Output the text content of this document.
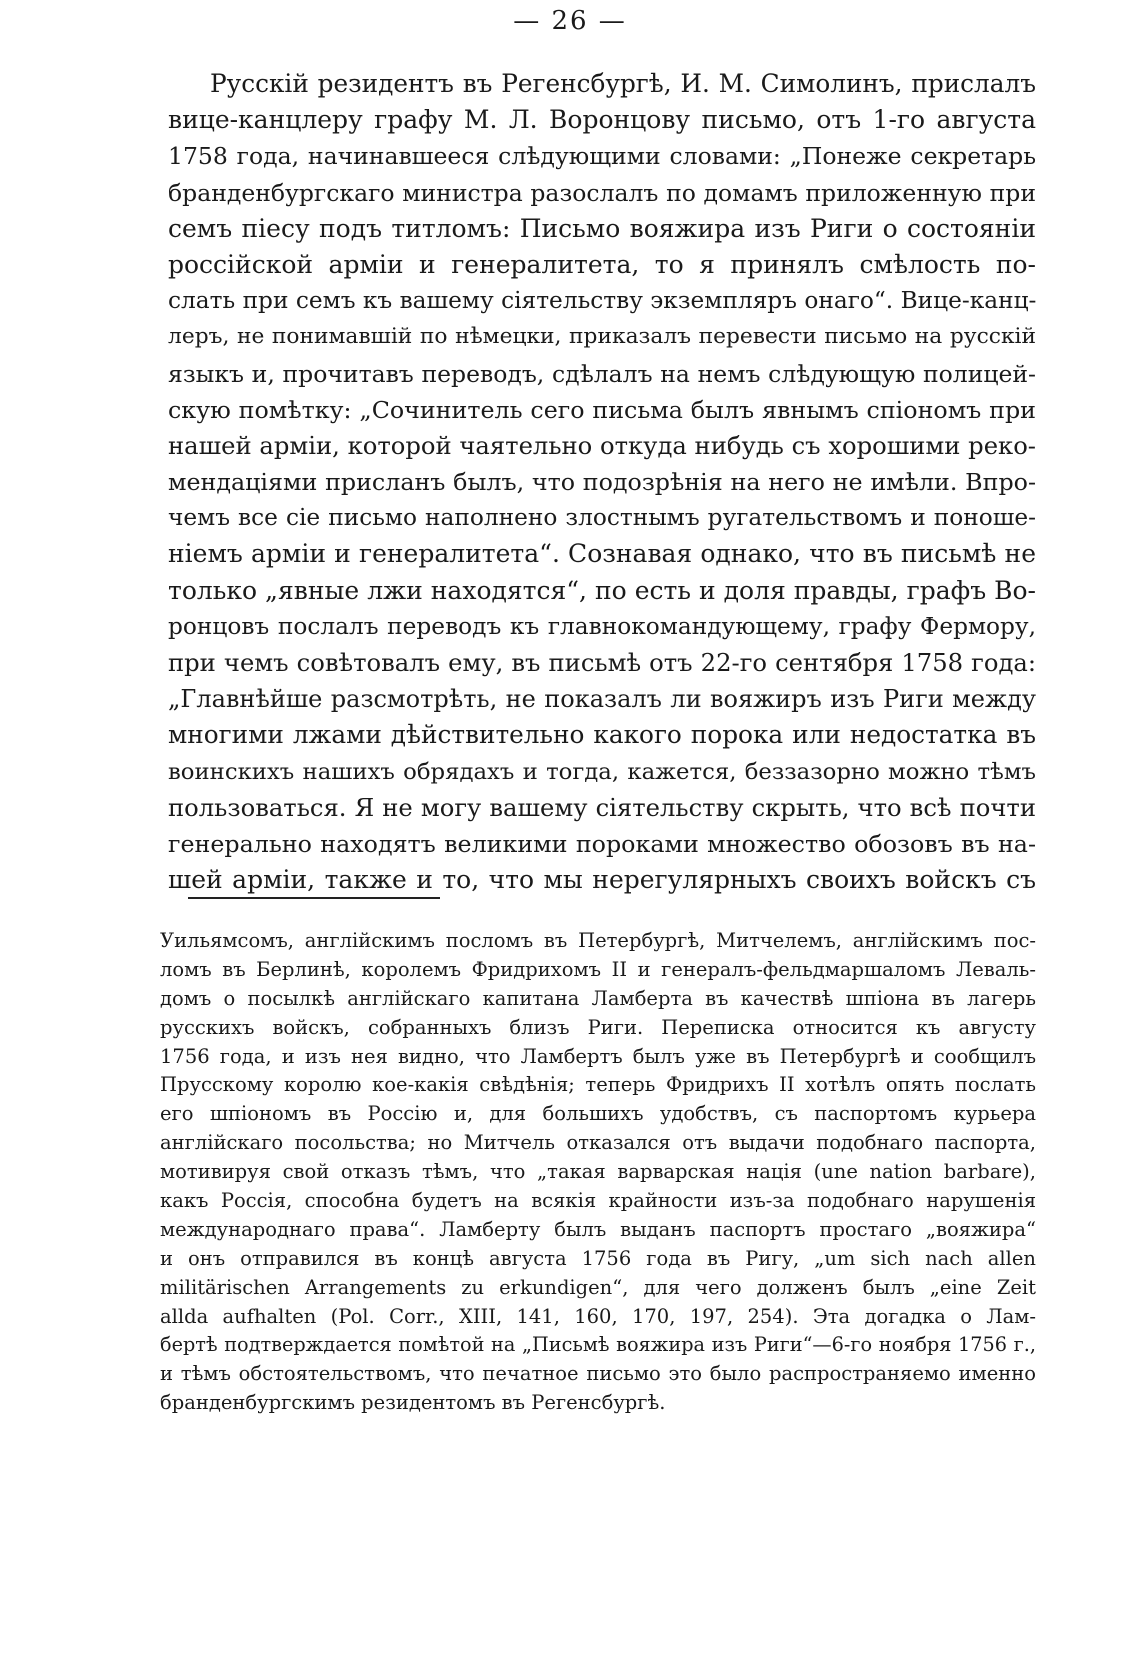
— 26 —
Русскій резидентъ въ Регенсбургѣ, И. М. Симолинъ, прислалъ
вице-канцлеру графу М. Л. Воронцову письмо, отъ 1-го августа
1758 года, начинавшееся слѣдующими словами: „Понеже секретарь
бранденбургскаго министра разослалъ по домамъ приложенную при
семъ піесу подъ титломъ: Письмо вояжира изъ Риги о состояніи
россійской арміи и генералитета, то я принялъ смѣлость по-
слать при семъ къ вашему сіятельству экземпляръ онаго“. Вице-канц-
леръ, не понимавшій по нѣмецки, приказалъ перевести письмо на русскій
языкъ и, прочитавъ переводъ, сдѣлалъ на немъ слѣдующую полицей-
скую помѣтку: „Сочинитель сего письма былъ явнымъ спіономъ при
нашей арміи, которой чаятельно откуда нибудь съ хорошими реко-
мендаціями присланъ былъ, что подозрѣнія на него не имѣли. Впро-
чемъ все сіе письмо наполнено злостнымъ ругательствомъ и поноше-
ніемъ арміи и генералитета“. Сознавая однако, что въ письмѣ не
только „явные лжи находятся“, по есть и доля правды, графъ Во-
ронцовъ послалъ переводъ къ главнокомандующему, графу Фермору,
при чемъ совѣтовалъ ему, въ письмѣ отъ 22-го сентября 1758 года:
„Главнѣйше разсмотрѣть, не показалъ ли вояжиръ изъ Риги между
многими лжами дѣйствительно какого порока или недостатка въ
воинскихъ нашихъ обрядахъ и тогда, кажется, беззазорно можно тѣмъ
пользоваться. Я не могу вашему сіятельству скрыть, что всѣ почти
генерально находятъ великими пороками множество обозовъ въ на-
шей арміи, также и то, что мы нерегулярныхъ своихъ войскъ съ
Уильямсомъ, англійскимъ посломъ въ Петербургѣ, Митчелемъ, англійскимъ пос-
ломъ въ Берлинѣ, королемъ Фридрихомъ II и генералъ-фельдмаршаломъ Леваль-
домъ о посылкѣ англійскаго капитана Ламберта въ качествѣ шпіона въ лагерь
русскихъ войскъ, собранныхъ близъ Риги. Переписка относится къ августу
1756 года, и изъ нея видно, что Ламбертъ былъ уже въ Петербургѣ и сообщилъ
Прусскому королю кое-какія свѣдѣнія; теперь Фридрихъ II хотѣлъ опять послать
его шпіономъ въ Россію и, для большихъ удобствъ, съ паспортомъ курьера
англійскаго посольства; но Митчель отказался отъ выдачи подобнаго паспорта,
мотивируя свой отказъ тѣмъ, что „такая варварская нація (une nation barbare),
какъ Россія, способна будетъ на всякія крайности изъ-за подобнаго нарушенія
международнаго права“. Ламберту былъ выданъ паспортъ простаго „вояжира“
и онъ отправился въ концѣ августа 1756 года въ Ригу, „um sich nach allen
militärischen Arrangements zu erkundigen“, для чего долженъ былъ „eine Zeit
allda aufhalten (Pol. Corr., XIII, 141, 160, 170, 197, 254). Эта догадка о Лам-
бертѣ подтверждается помѣтой на „Письмѣ вояжира изъ Риги“—6-го ноября 1756 г.,
и тѣмъ обстоятельствомъ, что печатное письмо это было распространяемо именно
бранденбургскимъ резидентомъ въ Регенсбургѣ.
